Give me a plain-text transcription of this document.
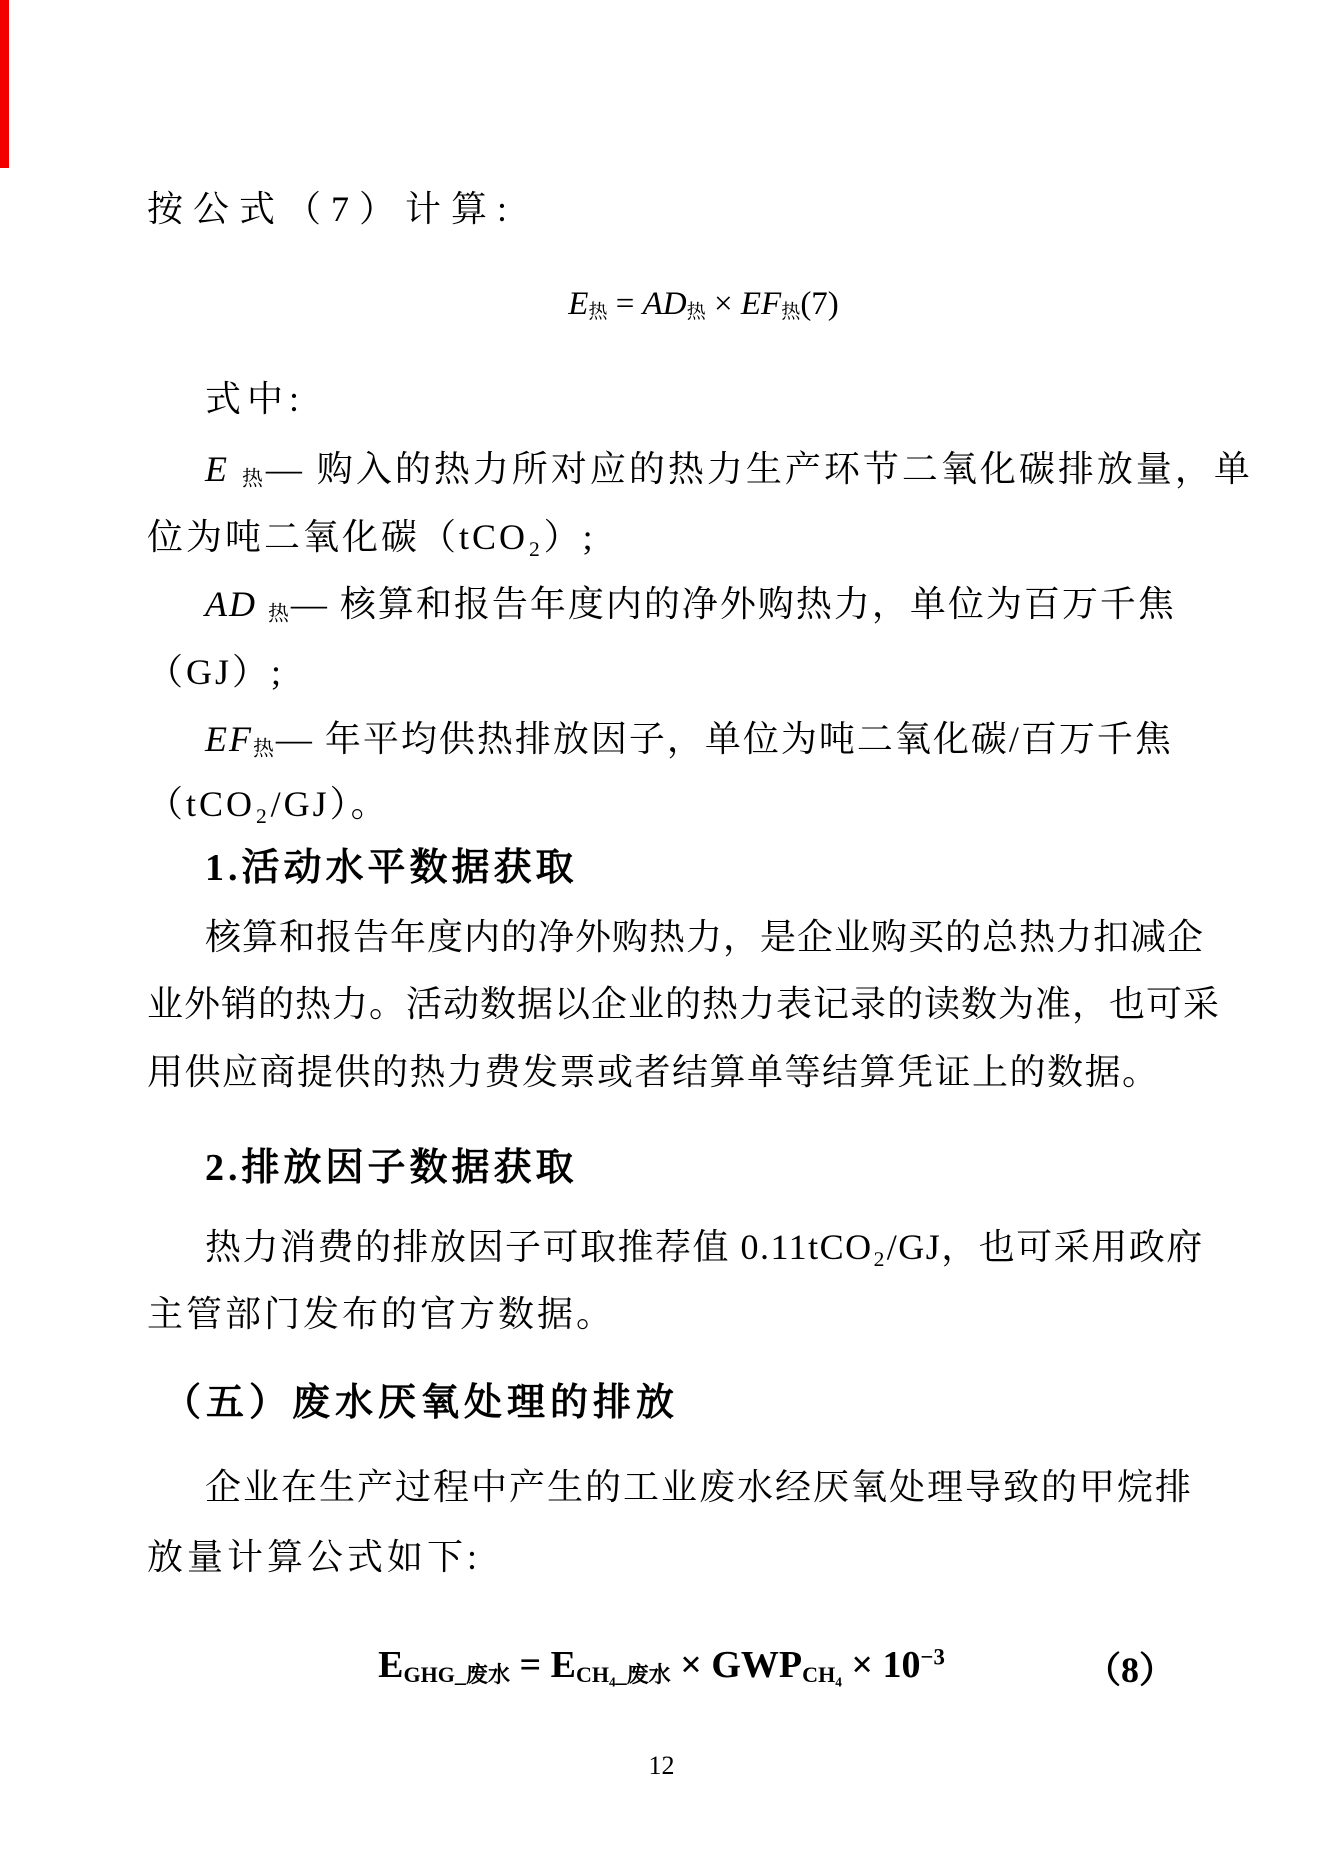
按公式（7）计算:
E热 = AD热 × EF热(7)
式中:
E 热— 购入的热力所对应的热力生产环节二氧化碳排放量，单
位为吨二氧化碳（tCO₂）;
AD 热— 核算和报告年度内的净外购热力，单位为百万千焦
（GJ）;
EF热— 年平均供热排放因子，单位为吨二氧化碳/百万千焦
（tCO₂/GJ）。
1.活动水平数据获取
核算和报告年度内的净外购热力，是企业购买的总热力扣减企
业外销的热力。活动数据以企业的热力表记录的读数为准，也可采
用供应商提供的热力费发票或者结算单等结算凭证上的数据。
2.排放因子数据获取
热力消费的排放因子可取推荐值 0.11tCO₂/GJ，也可采用政府
主管部门发布的官方数据。
（五）废水厌氧处理的排放
企业在生产过程中产生的工业废水经厌氧处理导致的甲烷排
放量计算公式如下:
EGHG_废水 = ECH₄_废水 × GWPCH₄ × $10^{-3}$	（8）
12
